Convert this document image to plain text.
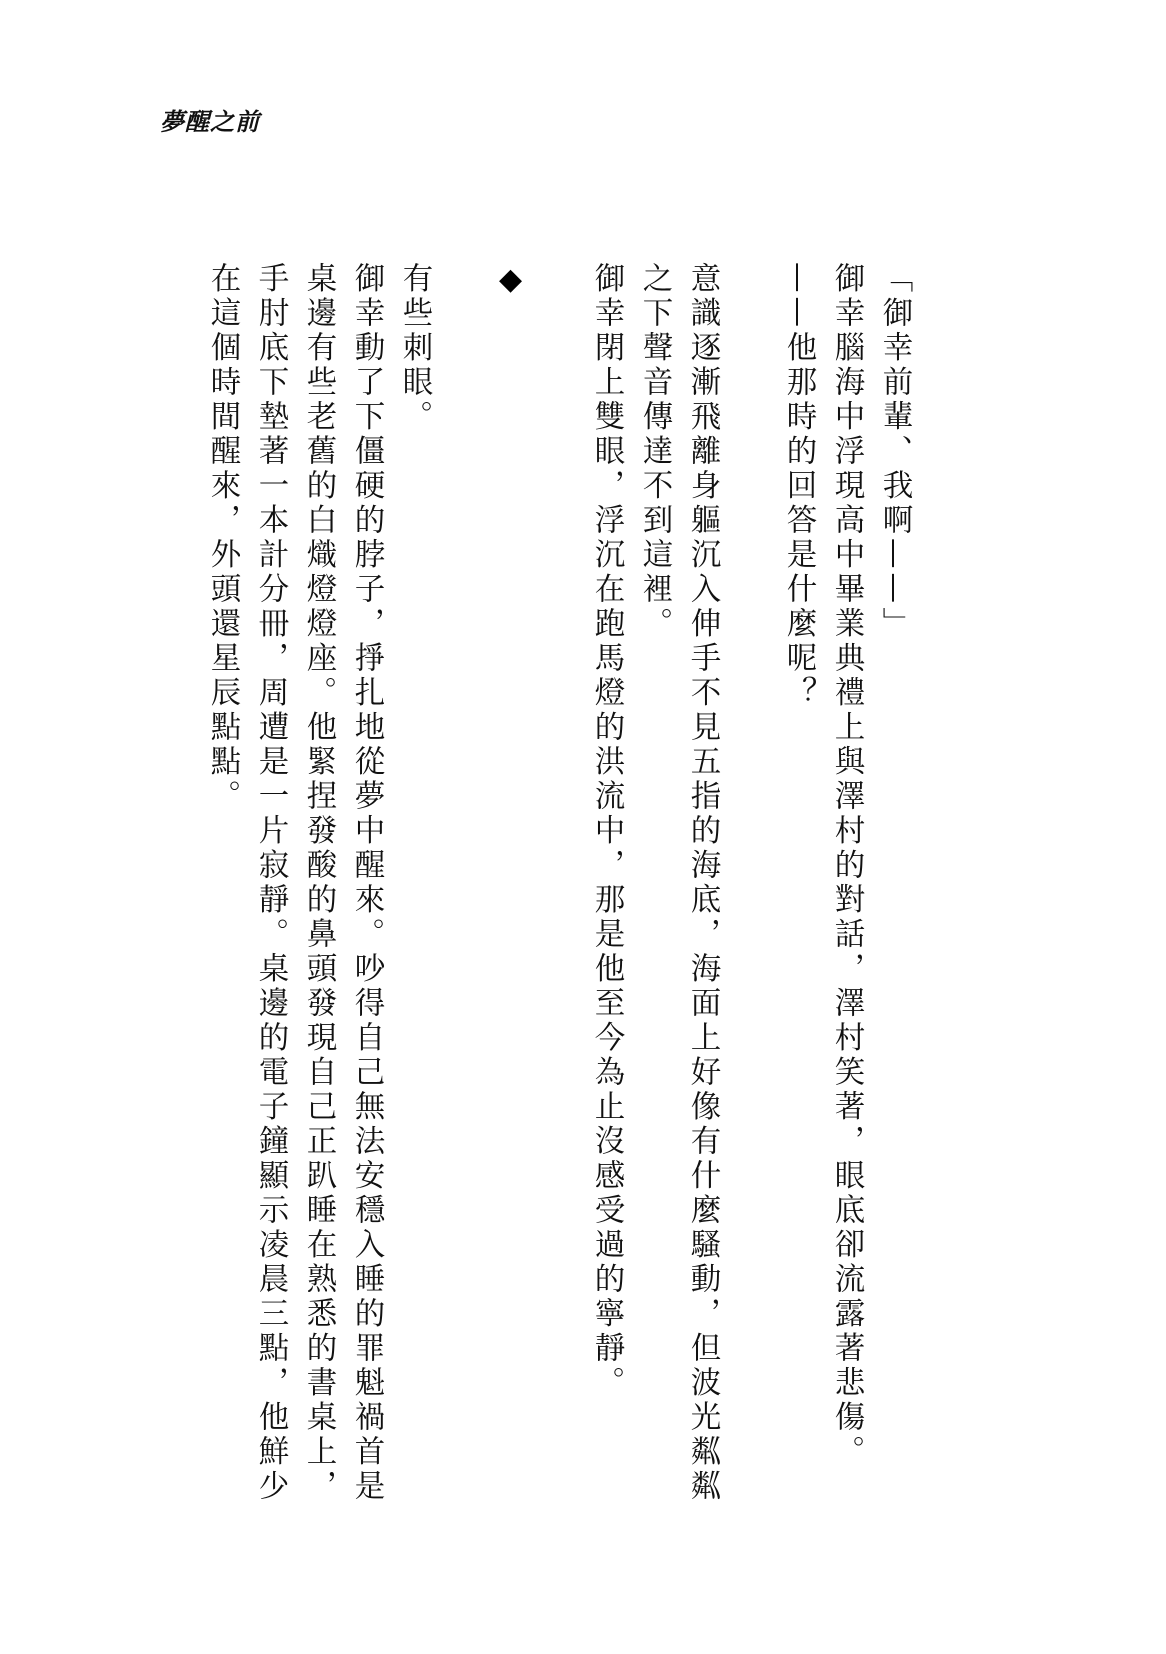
夢醒之前

「御幸前輩、我啊——」

御幸腦海中浮現高中畢業典禮上與澤村的對話，澤村笑著，眼底卻流露著悲傷。

——他那時的回答是什麼呢？

意識逐漸飛離身軀沉入伸手不見五指的海底，海面上好像有什麼騷動，但波光粼粼之下聲音傳達不到這裡。

御幸閉上雙眼，浮沉在跑馬燈的洪流中，那是他至今為止沒感受過的寧靜。

◆

有些刺眼。

御幸動了下僵硬的脖子，掙扎地從夢中醒來。吵得自己無法安穩入睡的罪魁禍首是桌邊有些老舊的白熾燈燈座。他緊捏發酸的鼻頭發現自己正趴睡在熟悉的書桌上，手肘底下墊著一本計分冊，周遭是一片寂靜。桌邊的電子鐘顯示凌晨三點，他鮮少在這個時間醒來，外頭還星辰點點。
